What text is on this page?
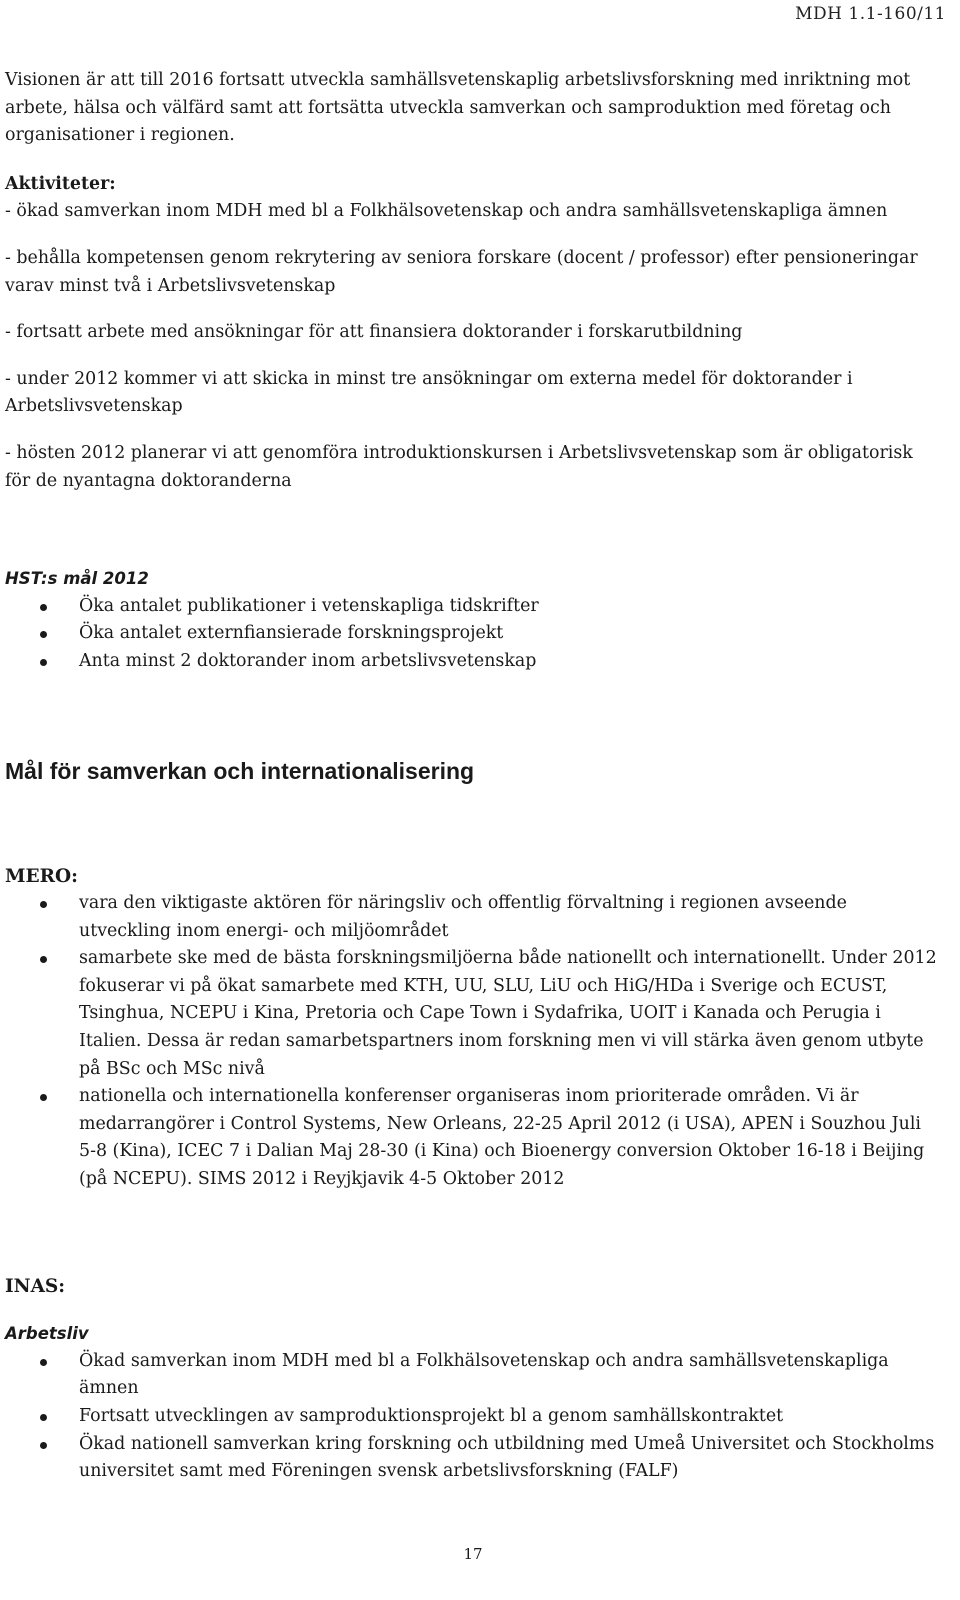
MDH 1.1-160/11

Visionen är att till 2016 fortsatt utveckla samhällsvetenskaplig arbetslivsforskning med inriktning mot arbete, hälsa och välfärd samt att fortsätta utveckla samverkan och samproduktion med företag och organisationer i regionen.

Aktiviteter:

- ökad samverkan inom MDH med bl a Folkhälsovetenskap och andra samhällsvetenskapliga ämnen

- behålla kompetensen genom rekrytering av seniora forskare (docent / professor) efter pensioneringar varav minst två i Arbetslivsvetenskap

- fortsatt arbete med ansökningar för att finansiera doktorander i forskarutbildning

- under 2012 kommer vi att skicka in minst tre ansökningar om externa medel för doktorander i Arbetslivsvetenskap

- hösten 2012 planerar vi att genomföra introduktionskursen i Arbetslivsvetenskap som är obligatorisk för de nyantagna doktoranderna

HST:s mål 2012

Öka antalet publikationer i vetenskapliga tidskrifter
Öka antalet externfiansierade forskningsprojekt
Anta minst 2 doktorander inom arbetslivsvetenskap

Mål för samverkan och internationalisering

MERO:

vara den viktigaste aktören för näringsliv och offentlig förvaltning i regionen avseende utveckling inom energi- och miljöområdet
samarbete ske med de bästa forskningsmiljöerna både nationellt och internationellt. Under 2012 fokuserar vi på ökat samarbete med KTH, UU, SLU, LiU och HiG/HDa i Sverige och ECUST, Tsinghua, NCEPU i Kina, Pretoria och Cape Town i Sydafrika, UOIT i Kanada och Perugia i Italien. Dessa är redan samarbetspartners inom forskning men vi vill stärka även genom utbyte på BSc och MSc nivå
nationella och internationella konferenser organiseras inom prioriterade områden. Vi är medarrangörer i Control Systems, New Orleans, 22-25 April 2012 (i USA), APEN i Souzhou Juli 5-8 (Kina), ICEC 7 i Dalian Maj 28-30 (i Kina) och Bioenergy conversion Oktober 16-18 i Beijing (på NCEPU). SIMS 2012 i Reyjkjavik 4-5 Oktober 2012

INAS:

Arbetsliv

Ökad samverkan inom MDH med bl a Folkhälsovetenskap och andra samhällsvetenskapliga ämnen
Fortsatt utvecklingen av samproduktionsprojekt bl a genom samhällskontraktet
Ökad nationell samverkan kring forskning och utbildning med Umeå Universitet och Stockholms universitet samt med Föreningen svensk arbetslivsforskning (FALF)
17
